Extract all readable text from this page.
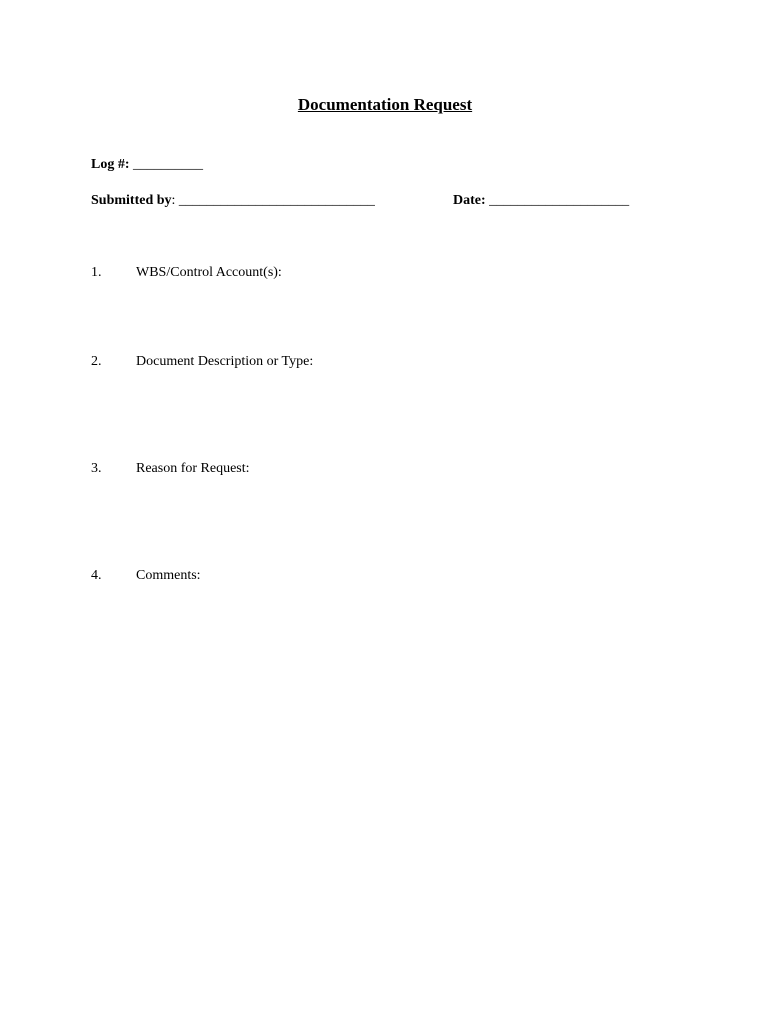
Documentation Request
Log #: __________
Submitted by: ____________________________	Date: ____________________
1. WBS/Control Account(s):
2. Document Description or Type:
3. Reason for Request:
4. Comments:
